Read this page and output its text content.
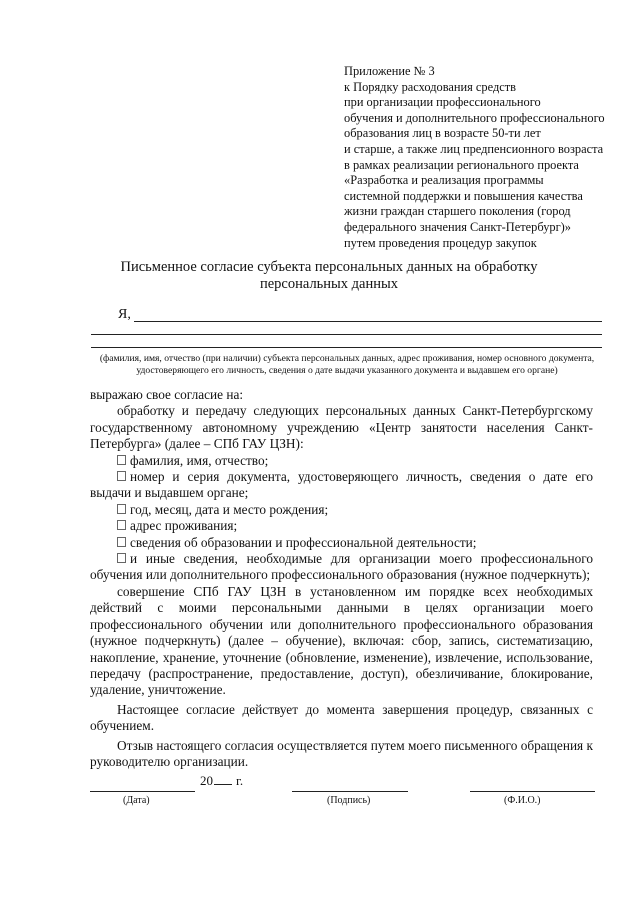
Приложение № 3
к Порядку расходования средств
при организации профессионального
обучения и дополнительного профессионального
образования лиц в возрасте 50-ти лет
и старше, а также лиц предпенсионного возраста
в рамках реализации регионального проекта
«Разработка и реализация программы
системной поддержки и повышения качества
жизни граждан старшего поколения (город
федерального значения Санкт-Петербург)»
путем проведения процедур закупок
Письменное согласие субъекта персональных данных на обработку
персональных данных
Я,
(фамилия, имя, отчество (при наличии) субъекта персональных данных, адрес проживания, номер основного документа,
удостоверяющего его личность, сведения о дате выдачи указанного документа и выдавшем его органе)

выражаю свое согласие на:

обработку и передачу следующих персональных данных Санкт-Петербургскому государственному автономному учреждению «Центр занятости населения Санкт-Петербурга» (далее – СПб ГАУ ЦЗН):

фамилия, имя, отчество;

номер и серия документа, удостоверяющего личность, сведения о дате его выдачи и выдавшем органе;

год, месяц, дата и место рождения;

адрес проживания;

сведения об образовании и профессиональной деятельности;

и иные сведения, необходимые для организации моего профессионального обучения или дополнительного профессионального образования (нужное подчеркнуть);

совершение СПб ГАУ ЦЗН в установленном им порядке всех необходимых действий с моими персональными данными в целях организации моего профессионального обучении или дополнительного профессионального образования (нужное подчеркнуть) (далее – обучение), включая: сбор, запись, систематизацию, накопление, хранение, уточнение (обновление, изменение), извлечение, использование, передачу (распространение, предоставление, доступ), обезличивание, блокирование, удаление, уничтожение.

Настоящее согласие действует до момента завершения процедур, связанных с обучением.

Отзыв настоящего согласия осуществляется путем моего письменного обращения к руководителю организации.

20 г.
(Дата)	(Подпись)	(Ф.И.О.)
